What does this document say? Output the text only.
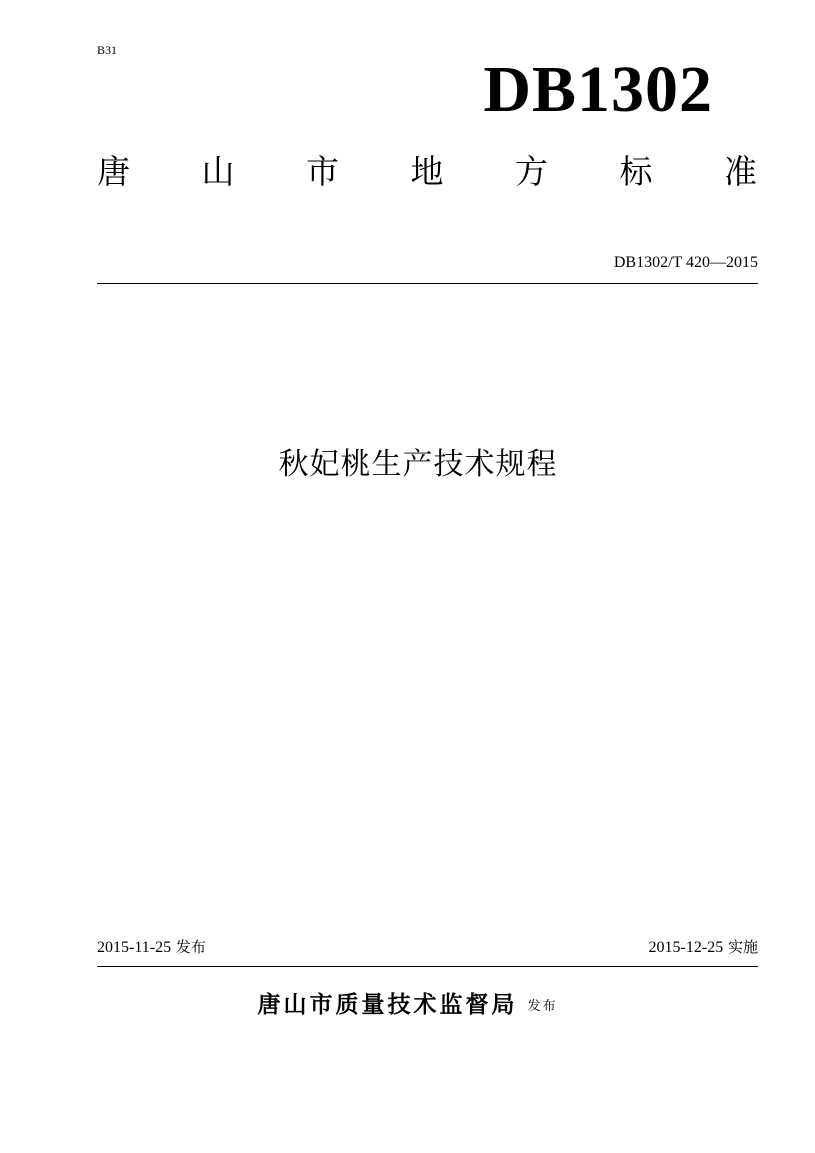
B31
DB1302
唐 山 市 地 方 标 准
DB1302/T 420—2015
秋妃桃生产技术规程
2015-11-25 发布	2015-12-25 实施
唐山市质量技术监督局 发布
